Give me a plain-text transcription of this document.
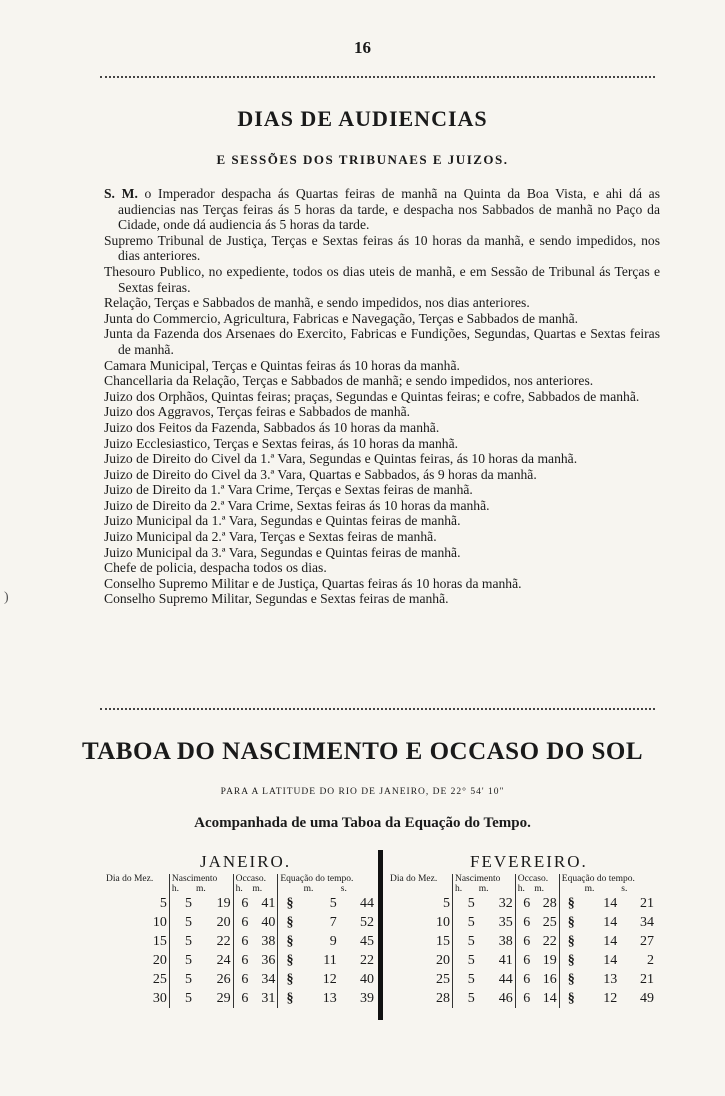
16
DIAS DE AUDIENCIAS
E SESSÕES DOS TRIBUNAES E JUIZOS.
S. M. o Imperador despacha ás Quartas feiras de manhã na Quinta da Boa Vista, e ahi dá as audiencias nas Terças feiras ás 5 horas da tarde, e despacha nos Sabbados de manhã no Paço da Cidade, onde dá audiencia ás 5 horas da tarde.
Supremo Tribunal de Justiça, Terças e Sextas feiras ás 10 horas da manhã, e sendo impedidos, nos dias anteriores.
Thesouro Publico, no expediente, todos os dias uteis de manhã, e em Sessão de Tribunal ás Terças e Sextas feiras.
Relação, Terças e Sabbados de manhã, e sendo impedidos, nos dias anteriores.
Junta do Commercio, Agricultura, Fabricas e Navegação, Terças e Sabbados de manhã.
Junta da Fazenda dos Arsenaes do Exercito, Fabricas e Fundições, Segundas, Quartas e Sextas feiras de manhã.
Camara Municipal, Terças e Quintas feiras ás 10 horas da manhã.
Chancellaria da Relação, Terças e Sabbados de manhã; e sendo impedidos, nos anteriores.
Juizo dos Orphãos, Quintas feiras; praças, Segundas e Quintas feiras; e cofre, Sabbados de manhã.
Juizo dos Aggravos, Terças feiras e Sabbados de manhã.
Juizo dos Feitos da Fazenda, Sabbados ás 10 horas da manhã.
Juizo Ecclesiastico, Terças e Sextas feiras, ás 10 horas da manhã.
Juizo de Direito do Civel da 1.ª Vara, Segundas e Quintas feiras, ás 10 horas da manhã.
Juizo de Direito do Civel da 3.ª Vara, Quartas e Sabbados, ás 9 horas da manhã.
Juizo de Direito da 1.ª Vara Crime, Terças e Sextas feiras de manhã.
Juizo de Direito da 2.ª Vara Crime, Sextas feiras ás 10 horas da manhã.
Juizo Municipal da 1.ª Vara, Segundas e Quintas feiras de manhã.
Juizo Municipal da 2.ª Vara, Terças e Sextas feiras de manhã.
Juizo Municipal da 3.ª Vara, Segundas e Quintas feiras de manhã.
Chefe de policia, despacha todos os dias.
Conselho Supremo Militar e de Justiça, Quartas feiras ás 10 horas da manhã.
Conselho Supremo Militar, Segundas e Sextas feiras de manhã.
TABOA DO NASCIMENTO E OCCASO DO SOL
PARA A LATITUDE DO RIO DE JANEIRO, DE 22° 54' 10"
Acompanhada de uma Taboa da Equação do Tempo.
JANEIRO.	FEVEREIRO.
Dia do Mez.	Nascimento		Occaso.		Equação do tempo.		
	h.	m.	h.	m.		m.	s.
5	5	19	6	41	§	5	44
10	5	20	6	40	§	7	52
15	5	22	6	38	§	9	45
20	5	24	6	36	§	11	22
25	5	26	6	34	§	12	40
30	5	29	6	31	§	13	39
Dia do Mez.	Nascimento		Occaso.		Equação do tempo.		
	h.	m.	h.	m.		m.	s.
5	5	32	6	28	§	14	21
10	5	35	6	25	§	14	34
15	5	38	6	22	§	14	27
20	5	41	6	19	§	14	2
25	5	44	6	16	§	13	21
28	5	46	6	14	§	12	49
)
